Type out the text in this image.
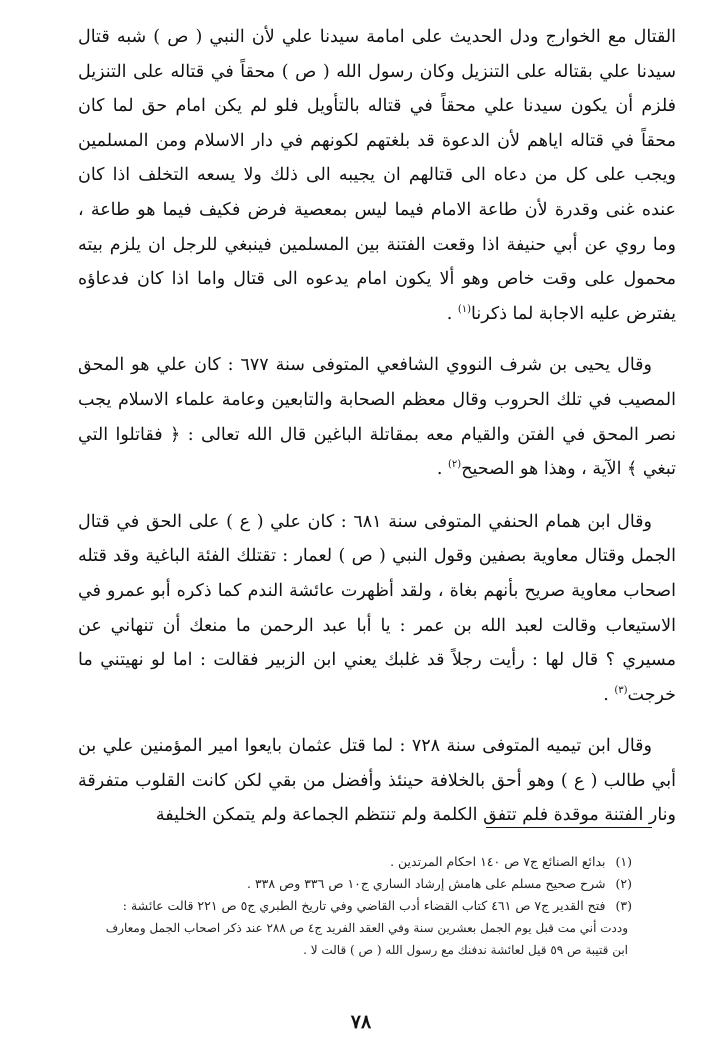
القتال مع الخوارج ودل الحديث على امامة سيدنا علي لأن النبي ( ص ) شبه قتال سيدنا علي بقتاله على التنزيل وكان رسول الله ( ص ) محقاً في قتاله على التنزيل فلزم أن يكون سيدنا علي محقاً في قتاله بالتأويل فلو لم يكن امام حق لما كان محقاً في قتاله اياهم لأن الدعوة قد بلغتهم لكونهم في دار الاسلام ومن المسلمين ويجب على كل من دعاه الى قتالهم ان يجيبه الى ذلك ولا يسعه التخلف اذا كان عنده غنى وقدرة لأن طاعة الامام فيما ليس بمعصية فرض فكيف فيما هو طاعة ، وما روي عن أبي حنيفة اذا وقعت الفتنة بين المسلمين فينبغي للرجل ان يلزم بيته محمول على وقت خاص وهو ألا يكون امام يدعوه الى قتال واما اذا كان فدعاؤه يفترض عليه الاجابة لما ذكرنا$^{(١)}$ .

وقال يحيى بن شرف النووي الشافعي المتوفى سنة ٦٧٧ : كان علي هو المحق المصيب في تلك الحروب وقال معظم الصحابة والتابعين وعامة علماء الاسلام يجب نصر المحق في الفتن والقيام معه بمقاتلة الباغين قال الله تعالى : ﴿ فقاتلوا التي تبغي ﴾ الآية ، وهذا هو الصحيح$^{(٢)}$ .

وقال ابن همام الحنفي المتوفى سنة ٦٨١ : كان علي ( ع ) على الحق في قتال الجمل وقتال معاوية بصفين وقول النبي ( ص ) لعمار : تقتلك الفئة الباغية وقد قتله اصحاب معاوية صريح بأنهم بغاة ، ولقد أظهرت عائشة الندم كما ذكره أبو عمرو في الاستيعاب وقالت لعبد الله بن عمر : يا أبا عبد الرحمن ما منعك أن تنهاني عن مسيري ؟ قال لها : رأيت رجلاً قد غلبك يعني ابن الزبير فقالت : اما لو نهيتني ما خرجت$^{(٣)}$ .

وقال ابن تيميه المتوفى سنة ٧٢٨ : لما قتل عثمان بايعوا امير المؤمنين علي بن أبي طالب ( ع ) وهو أحق بالخلافة حينئذ وأفضل من بقي لكن كانت القلوب متفرقة ونار الفتنة موقدة فلم تتفق الكلمة ولم تنتظم الجماعة ولم يتمكن الخليفة

(١)بدائع الصنائع ج٧ ص ١٤٠ احكام المرتدين .
(٢)شرح صحيح مسلم على هامش إرشاد الساري ج١٠ ص ٣٣٦ وص ٣٣٨ .
(٣)فتح القدير ج٧ ص ٤٦١ كتاب القضاء أدب القاضي وفي تاريخ الطبري ج٥ ص ٢٢١ قالت عائشة :
وددت أني مت قبل يوم الجمل بعشرين سنة وفي العقد الفريد ج٤ ص ٢٨٨ عند ذكر اصحاب الجمل ومعارف
ابن قتيبة ص ٥٩ قيل لعائشة ندفنك مع رسول الله ( ص ) قالت لا .
٧٨
